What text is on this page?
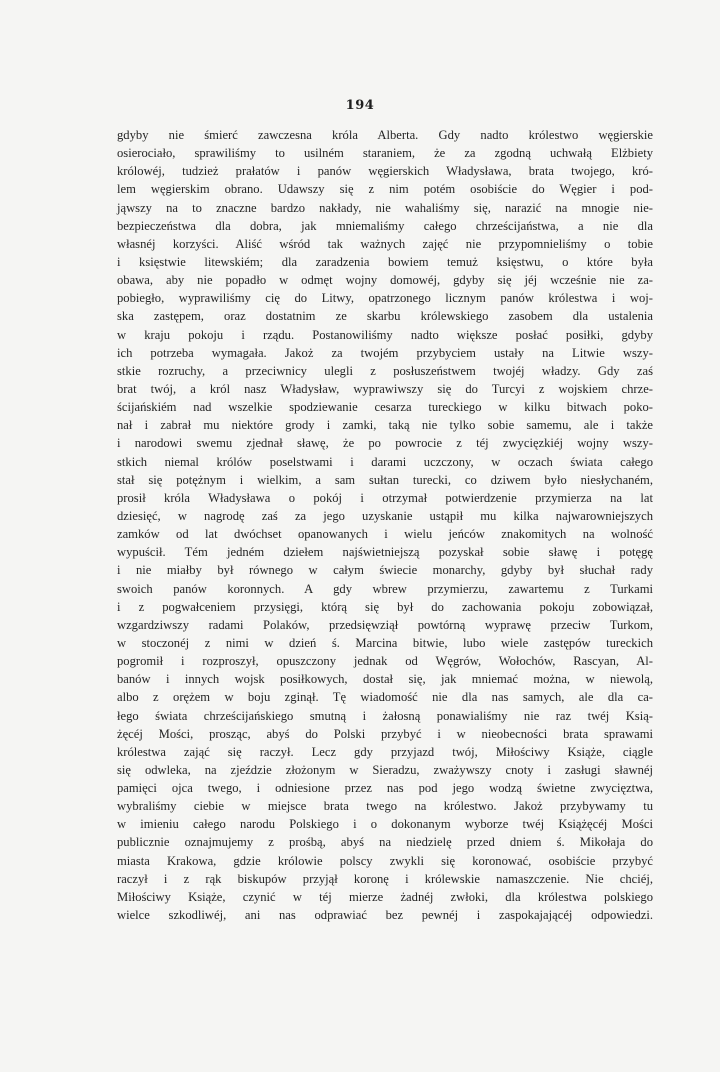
194
gdyby nie śmierć zawczesna króla Alberta. Gdy nadto królestwo węgierskie
osierociało, sprawiliśmy to usilném staraniem, że za zgodną uchwałą Elżbiety
królowéj, tudzież prałatów i panów węgierskich Władysława, brata twojego, kró-
lem węgierskim obrano. Udawszy się z nim potém osobiście do Węgier i pod-
jąwszy na to znaczne bardzo nakłady, nie wahaliśmy się, narazić na mnogie nie-
bezpieczeństwa dla dobra, jak mniemaliśmy całego chrześcijaństwa, a nie dla
własnéj korzyści. Aliść wśród tak ważnych zajęć nie przypomnieliśmy o tobie
i księstwie litewskiém; dla zaradzenia bowiem temuż księstwu, o które była
obawa, aby nie popadło w odmęt wojny domowéj, gdyby się jéj wcześnie nie za-
pobiegło, wyprawiliśmy cię do Litwy, opatrzonego licznym panów królestwa i woj-
ska zastępem, oraz dostatnim ze skarbu królewskiego zasobem dla ustalenia
w kraju pokoju i rządu. Postanowiliśmy nadto większe posłać posiłki, gdyby
ich potrzeba wymagała. Jakoż za twojém przybyciem ustały na Litwie wszy-
stkie rozruchy, a przeciwnicy ulegli z posłuszeństwem twojéj władzy. Gdy zaś
brat twój, a król nasz Władysław, wyprawiwszy się do Turcyi z wojskiem chrze-
ścijańskiém nad wszelkie spodziewanie cesarza tureckiego w kilku bitwach poko-
nał i zabrał mu niektóre grody i zamki, taką nie tylko sobie samemu, ale i także
i narodowi swemu zjednał sławę, że po powrocie z téj zwycięzkiéj wojny wszy-
stkich niemal królów poselstwami i darami uczczony, w oczach świata całego
stał się potężnym i wielkim, a sam sułtan turecki, co dziwem było niesłychaném,
prosił króla Władysława o pokój i otrzymał potwierdzenie przymierza na lat
dziesięć, w nagrodę zaś za jego uzyskanie ustąpił mu kilka najwarowniejszych
zamków od lat dwóchset opanowanych i wielu jeńców znakomitych na wolność
wypuścił. Tém jedném dziełem najświetniejszą pozyskał sobie sławę i potęgę
i nie miałby był równego w całym świecie monarchy, gdyby był słuchał rady
swoich panów koronnych. A gdy wbrew przymierzu, zawartemu z Turkami
i z pogwałceniem przysięgi, którą się był do zachowania pokoju zobowiązał,
wzgardziwszy radami Polaków, przedsięwziął powtórną wyprawę przeciw Turkom,
w stoczonéj z nimi w dzień ś. Marcina bitwie, lubo wiele zastępów tureckich
pogromił i rozproszył, opuszczony jednak od Węgrów, Wołochów, Rascyan, Al-
banów i innych wojsk posiłkowych, dostał się, jak mniemać można, w niewolą,
albo z orężem w boju zginął. Tę wiadomość nie dla nas samych, ale dla ca-
łego świata chrześcijańskiego smutną i żałosną ponawialiśmy nie raz twéj Ksią-
żęcéj Mości, prosząc, abyś do Polski przybyć i w nieobecności brata sprawami
królestwa zająć się raczył. Lecz gdy przyjazd twój, Miłościwy Książe, ciągle
się odwleka, na zjeździe złożonym w Sieradzu, zważywszy cnoty i zasługi sławnéj
pamięci ojca twego, i odniesione przez nas pod jego wodzą świetne zwycięztwa,
wybraliśmy ciebie w miejsce brata twego na królestwo. Jakoż przybywamy tu
w imieniu całego narodu Polskiego i o dokonanym wyborze twéj Książęcéj Mości
publicznie oznajmujemy z prośbą, abyś na niedzielę przed dniem ś. Mikołaja do
miasta Krakowa, gdzie królowie polscy zwykli się koronować, osobiście przybyć
raczył i z rąk biskupów przyjął koronę i królewskie namaszczenie. Nie chciéj,
Miłościwy Książe, czynić w téj mierze żadnéj zwłoki, dla królestwa polskiego
wielce szkodliwéj, ani nas odprawiać bez pewnéj i zaspokajającéj odpowiedzi.
